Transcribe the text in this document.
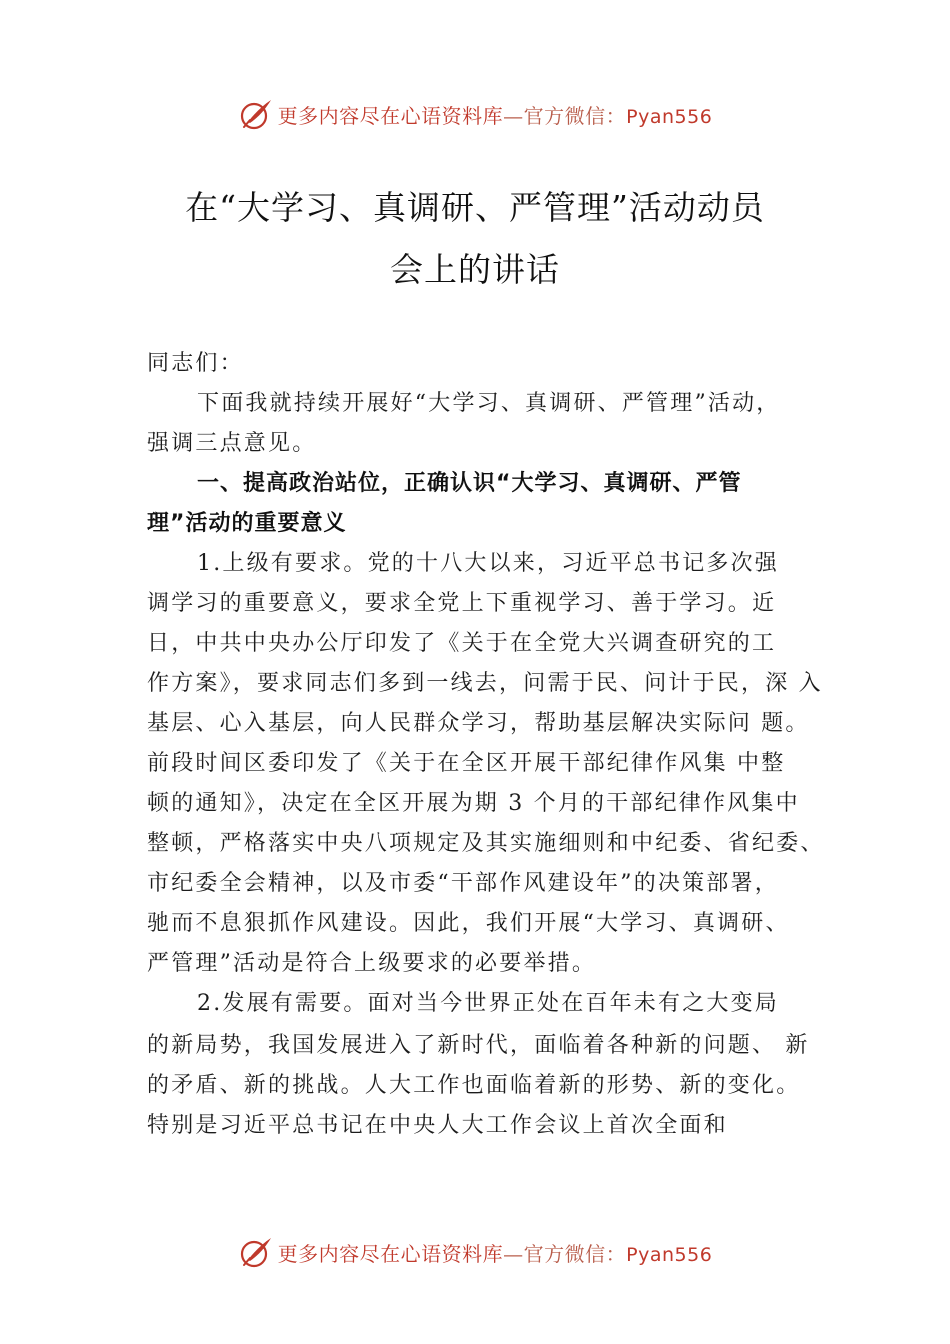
更多内容尽在心语资料库—官方微信：Pyan556
在“大学习、真调研、严管理”活动动员
会上的讲话
同志们：
下面我就持续开展好“大学习、真调研、严管理”活动，
强调三点意见。
一、提高政治站位，正确认识“大学习、真调研、严管
理”活动的重要意义
1.上级有要求。党的十八大以来，习近平总书记多次强
调学习的重要意义，要求全党上下重视学习、善于学习。近
日，中共中央办公厅印发了《关于在全党大兴调查研究的工
作方案》，要求同志们多到一线去，问需于民、问计于民，深 入
基层、心入基层，向人民群众学习，帮助基层解决实际问 题。
前段时间区委印发了《关于在全区开展干部纪律作风集 中整
顿的通知》，决定在全区开展为期 3 个月的干部纪律作风集中
整顿，严格落实中央八项规定及其实施细则和中纪委、省纪委、
市纪委全会精神，以及市委“干部作风建设年”的决策部署，
驰而不息狠抓作风建设。因此，我们开展“大学习、真调研、
严管理”活动是符合上级要求的必要举措。
2.发展有需要。面对当今世界正处在百年未有之大变局
的新局势，我国发展进入了新时代，面临着各种新的问题、 新
的矛盾、新的挑战。人大工作也面临着新的形势、新的变化。
特别是习近平总书记在中央人大工作会议上首次全面和
更多内容尽在心语资料库—官方微信：Pyan556
